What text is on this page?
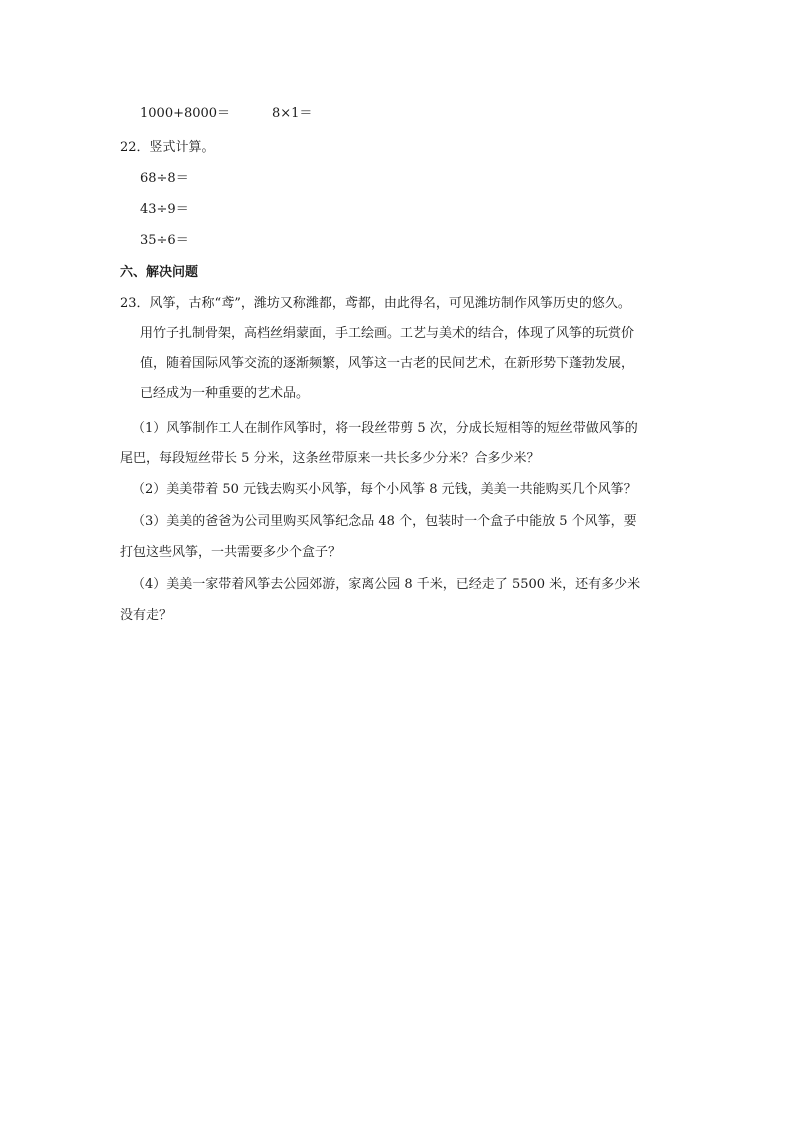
1000+8000＝	8×1＝
22．竖式计算。
68÷8＝
43÷9＝
35÷6＝
六、解决问题
23．风筝，古称“鸢”，潍坊又称潍都，鸢都，由此得名，可见潍坊制作风筝历史的悠久。
用竹子扎制骨架，高档丝绢蒙面，手工绘画。工艺与美术的结合，体现了风筝的玩赏价
值，随着国际风筝交流的逐渐频繁，风筝这一古老的民间艺术，在新形势下蓬勃发展，
已经成为一种重要的艺术品。
（1）风筝制作工人在制作风筝时，将一段丝带剪 5 次，分成长短相等的短丝带做风筝的
尾巴，每段短丝带长 5 分米，这条丝带原来一共长多少分米？合多少米？
（2）美美带着 50 元钱去购买小风筝，每个小风筝 8 元钱，美美一共能购买几个风筝？
（3）美美的爸爸为公司里购买风筝纪念品 48 个，包装时一个盒子中能放 5 个风筝，要
打包这些风筝，一共需要多少个盒子？
（4）美美一家带着风筝去公园郊游，家离公园 8 千米，已经走了 5500 米，还有多少米
没有走？
